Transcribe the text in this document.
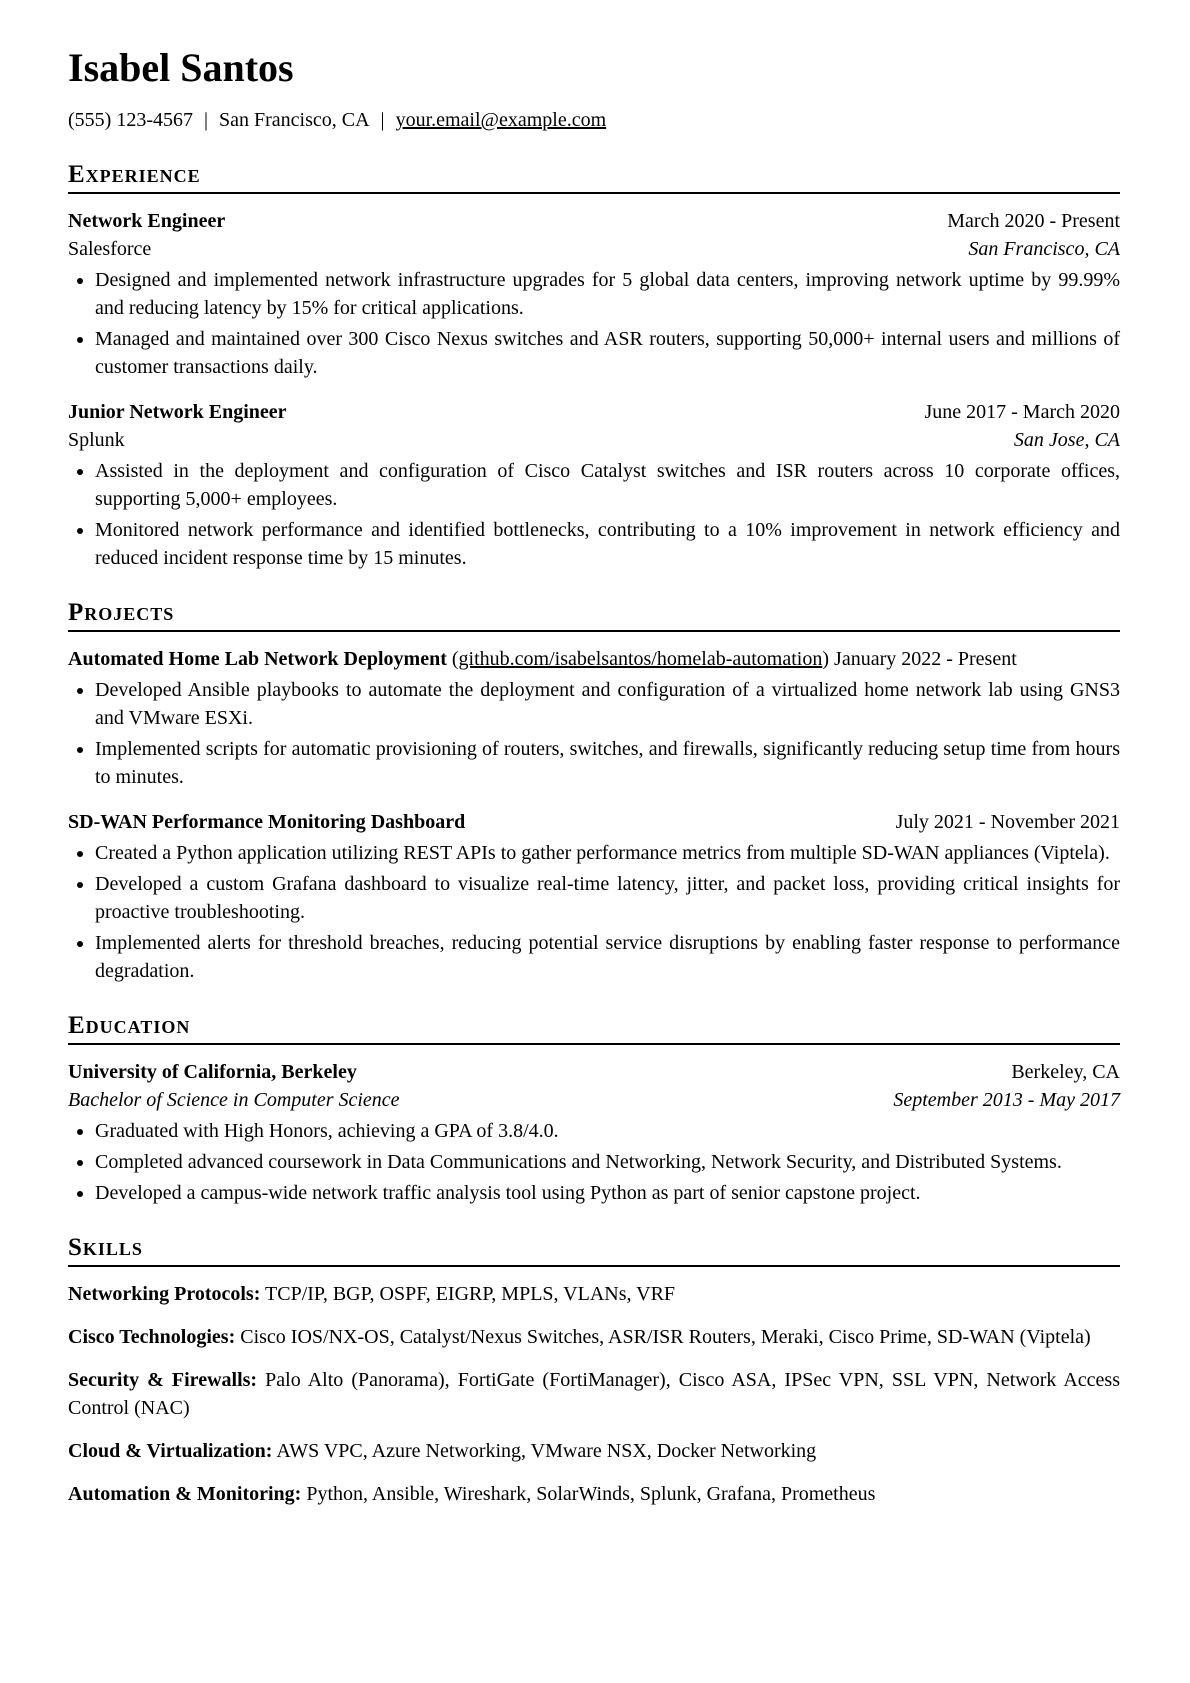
Isabel Santos
(555) 123-4567 | San Francisco, CA | your.email@example.com
Experience
Network Engineer	March 2020 - Present
Salesforce	San Francisco, CA
• Designed and implemented network infrastructure upgrades for 5 global data centers, improving network uptime by 99.99% and reducing latency by 15% for critical applications.
• Managed and maintained over 300 Cisco Nexus switches and ASR routers, supporting 50,000+ internal users and millions of customer transactions daily.
Junior Network Engineer	June 2017 - March 2020
Splunk	San Jose, CA
• Assisted in the deployment and configuration of Cisco Catalyst switches and ISR routers across 10 corporate offices, supporting 5,000+ employees.
• Monitored network performance and identified bottlenecks, contributing to a 10% improvement in network efficiency and reduced incident response time by 15 minutes.
Projects

Automated Home Lab Network Deployment (github.com/isabelsantos/homelab-automation) January 2022 - Present

• Developed Ansible playbooks to automate the deployment and configuration of a virtualized home network lab using GNS3 and VMware ESXi.
• Implemented scripts for automatic provisioning of routers, switches, and firewalls, significantly reducing setup time from hours to minutes.
SD-WAN Performance Monitoring Dashboard	July 2021 - November 2021
• Created a Python application utilizing REST APIs to gather performance metrics from multiple SD-WAN appliances (Viptela).
• Developed a custom Grafana dashboard to visualize real-time latency, jitter, and packet loss, providing critical insights for proactive troubleshooting.
• Implemented alerts for threshold breaches, reducing potential service disruptions by enabling faster response to performance degradation.
Education
University of California, Berkeley	Berkeley, CA
Bachelor of Science in Computer Science	September 2013 - May 2017
• Graduated with High Honors, achieving a GPA of 3.8/4.0.
• Completed advanced coursework in Data Communications and Networking, Network Security, and Distributed Systems.
• Developed a campus-wide network traffic analysis tool using Python as part of senior capstone project.
Skills

Networking Protocols: TCP/IP, BGP, OSPF, EIGRP, MPLS, VLANs, VRF

Cisco Technologies: Cisco IOS/NX-OS, Catalyst/Nexus Switches, ASR/ISR Routers, Meraki, Cisco Prime, SD-WAN (Viptela)

Security & Firewalls: Palo Alto (Panorama), FortiGate (FortiManager), Cisco ASA, IPSec VPN, SSL VPN, Network Access Control (NAC)

Cloud & Virtualization: AWS VPC, Azure Networking, VMware NSX, Docker Networking

Automation & Monitoring: Python, Ansible, Wireshark, SolarWinds, Splunk, Grafana, Prometheus
